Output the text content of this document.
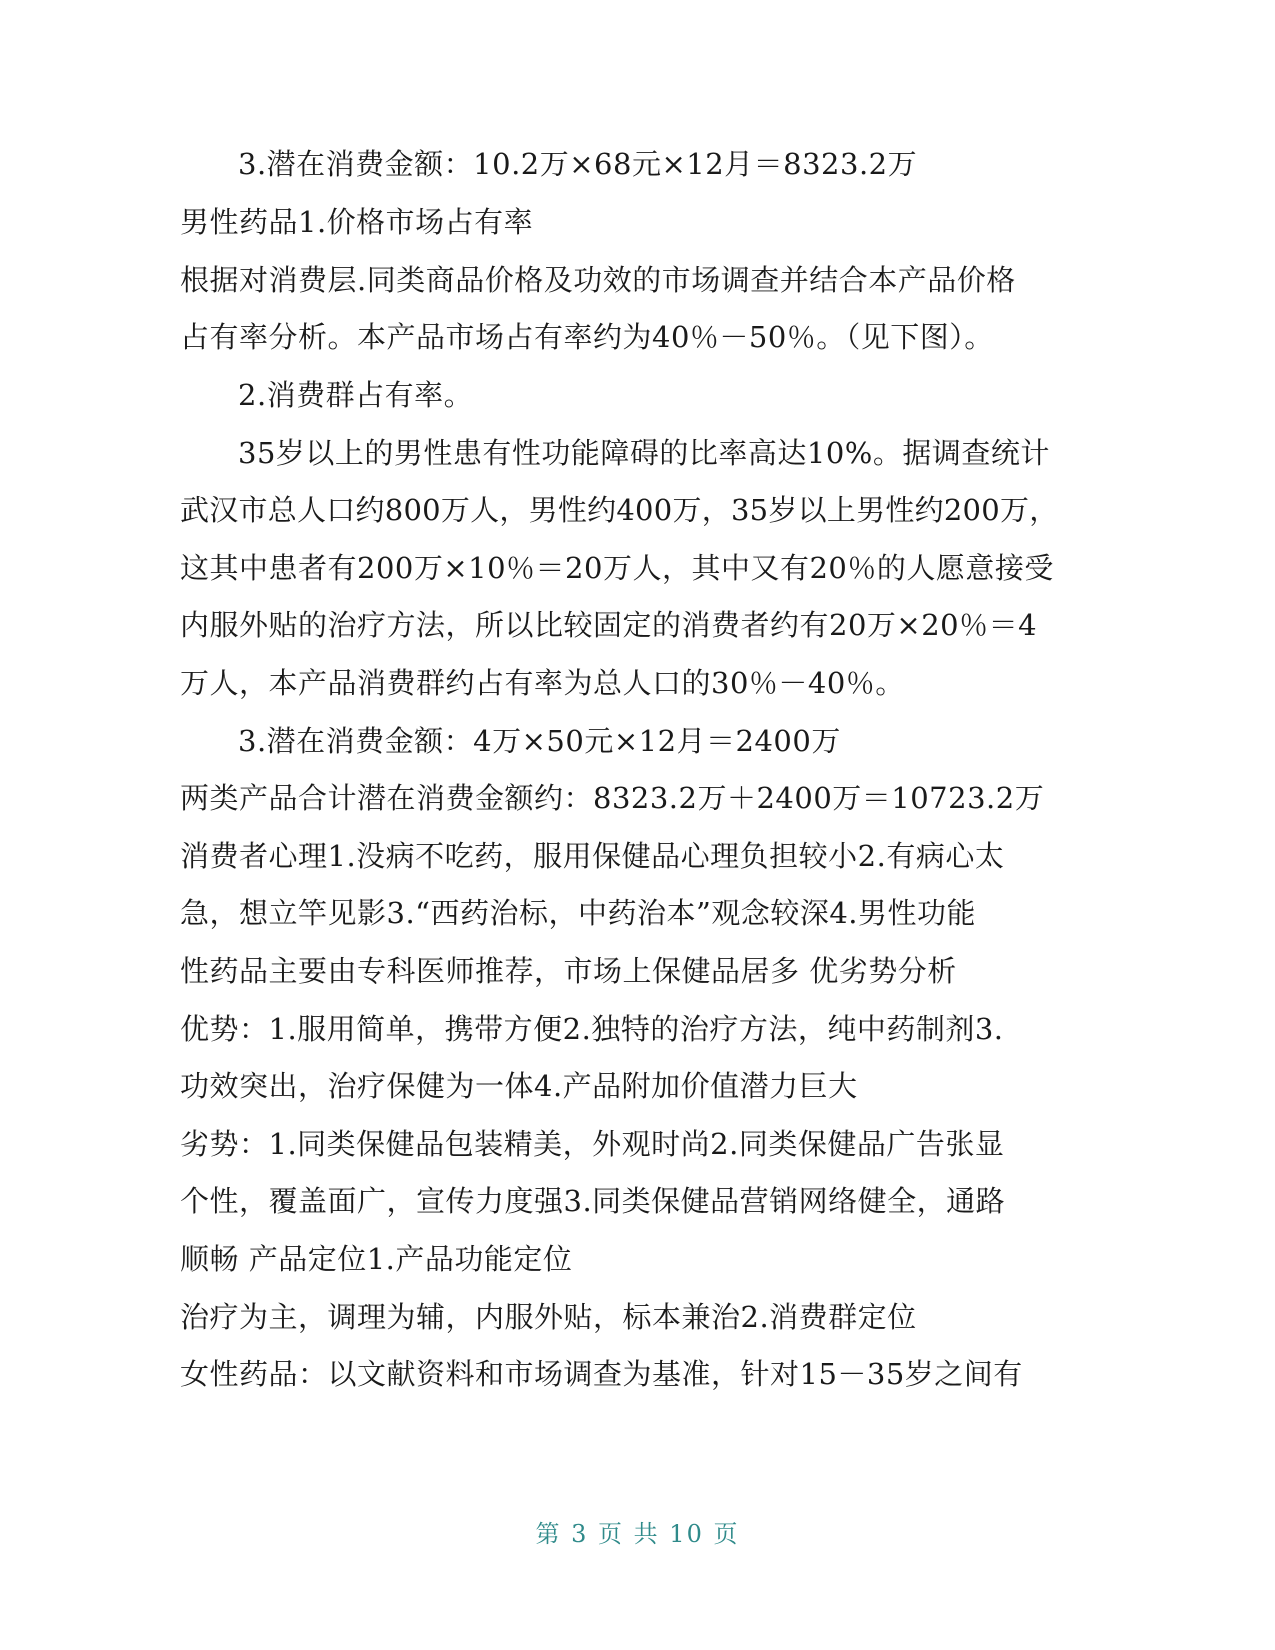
3.潜在消费金额：10.2万×68元×12月＝8323.2万
男性药品1.价格市场占有率
根据对消费层.同类商品价格及功效的市场调查并结合本产品价格
占有率分析。本产品市场占有率约为40％－50％。（见下图）。
2.消费群占有率。
35岁以上的男性患有性功能障碍的比率高达10%。据调查统计
武汉市总人口约800万人，男性约400万，35岁以上男性约200万，
这其中患者有200万×10％＝20万人，其中又有20％的人愿意接受
内服外贴的治疗方法，所以比较固定的消费者约有20万×20％＝4
万人，本产品消费群约占有率为总人口的30％－40％。
3.潜在消费金额：4万×50元×12月＝2400万
两类产品合计潜在消费金额约：8323.2万＋2400万＝10723.2万
消费者心理1.没病不吃药，服用保健品心理负担较小2.有病心太
急，想立竿见影3.“西药治标，中药治本”观念较深4.男性功能
性药品主要由专科医师推荐，市场上保健品居多 优劣势分析
优势：1.服用简单，携带方便2.独特的治疗方法，纯中药制剂3.
功效突出，治疗保健为一体4.产品附加价值潜力巨大
劣势：1.同类保健品包装精美，外观时尚2.同类保健品广告张显
个性，覆盖面广，宣传力度强3.同类保健品营销网络健全，通路
顺畅 产品定位1.产品功能定位
治疗为主，调理为辅，内服外贴，标本兼治2.消费群定位
女性药品：以文献资料和市场调查为基准，针对15－35岁之间有
第 3 页 共 10 页
